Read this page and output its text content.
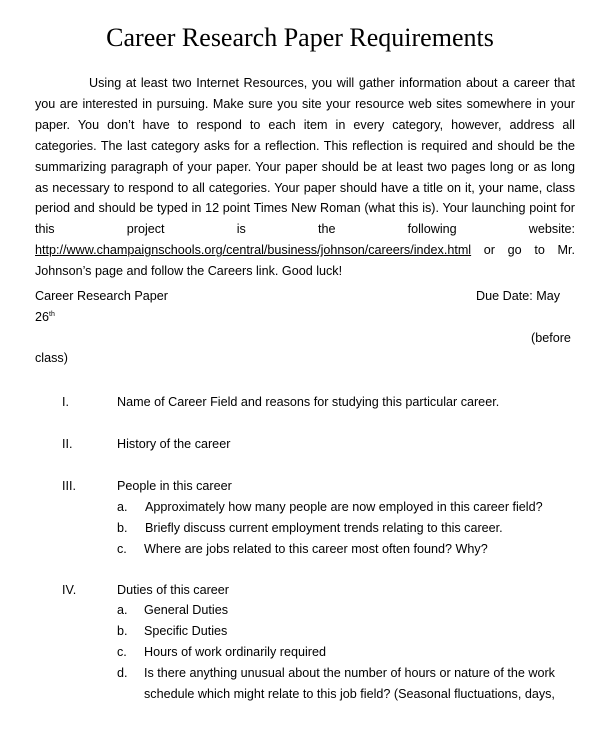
Career Research Paper Requirements

Using at least two Internet Resources, you will gather information about a career that you are interested in pursuing. Make sure you site your resource web sites somewhere in your paper. You don’t have to respond to each item in every category, however, address all categories. The last category asks for a reflection. This reflection is required and should be the summarizing paragraph of your paper. Your paper should be at least two pages long or as long as necessary to respond to all categories. Your paper should have a title on it, your name, class period and should be typed in 12 point Times New Roman (what this is). Your launching point for this project is the following website: http://www.champaignschools.org/central/business/johnson/careers/index.html or go to Mr. Johnson’s page and follow the Careers link. Good luck!

Career Research Paper	Due Date: May
26th
(before
class)
I.	Name of Career Field and reasons for studying this particular career.
II.	History of the career
III.	People in this career
a. Approximately how many people are now employed in this career field?
b. Briefly discuss current employment trends relating to this career.
c. Where are jobs related to this career most often found? Why?
IV.	Duties of this career
a. General Duties
b. Specific Duties
c. Hours of work ordinarily required
d. Is there anything unusual about the number of hours or nature of the work
schedule which might relate to this job field? (Seasonal fluctuations, days,
